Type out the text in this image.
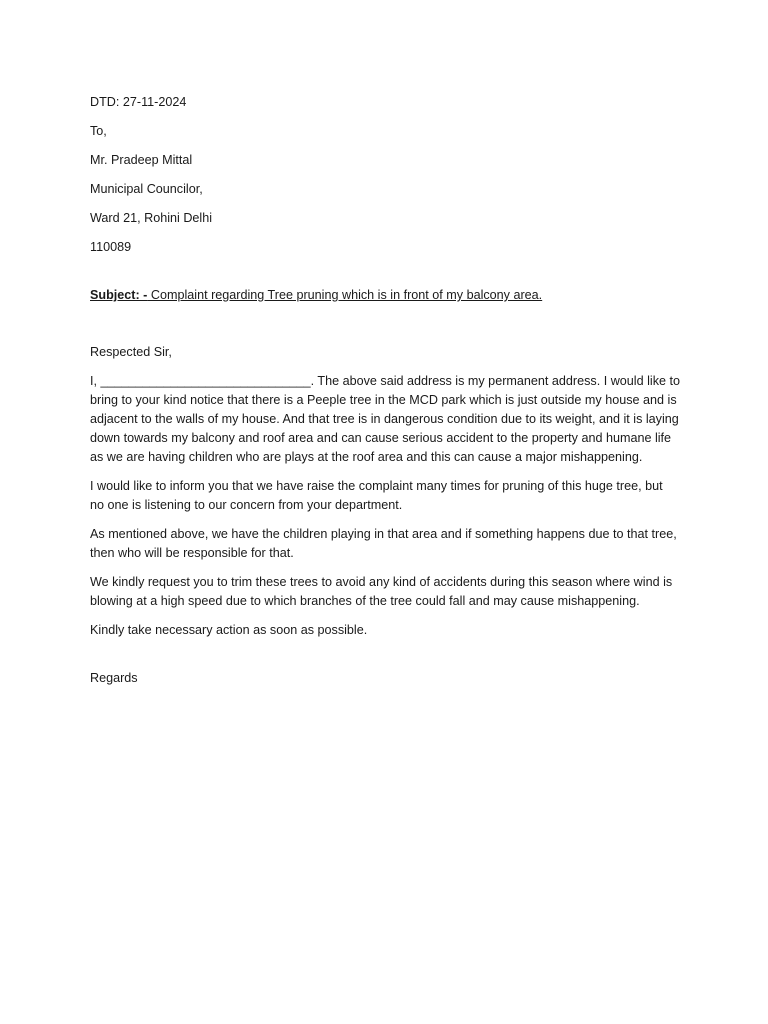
DTD: 27-11-2024

To,

Mr. Pradeep Mittal

Municipal Councilor,

Ward 21, Rohini Delhi

110089

Subject: - Complaint regarding Tree pruning which is in front of my balcony area.

Respected Sir,

I, ______________________________. The above said address is my permanent address. I would like to bring to your kind notice that there is a Peeple tree in the MCD park which is just outside my house and is adjacent to the walls of my house. And that tree is in dangerous condition due to its weight, and it is laying down towards my balcony and roof area and can cause serious accident to the property and humane life as we are having children who are plays at the roof area and this can cause a major mishappening.

I would like to inform you that we have raise the complaint many times for pruning of this huge tree, but no one is listening to our concern from your department.

As mentioned above, we have the children playing in that area and if something happens due to that tree, then who will be responsible for that.

We kindly request you to trim these trees to avoid any kind of accidents during this season where wind is blowing at a high speed due to which branches of the tree could fall and may cause mishappening.

Kindly take necessary action as soon as possible.

Regards
